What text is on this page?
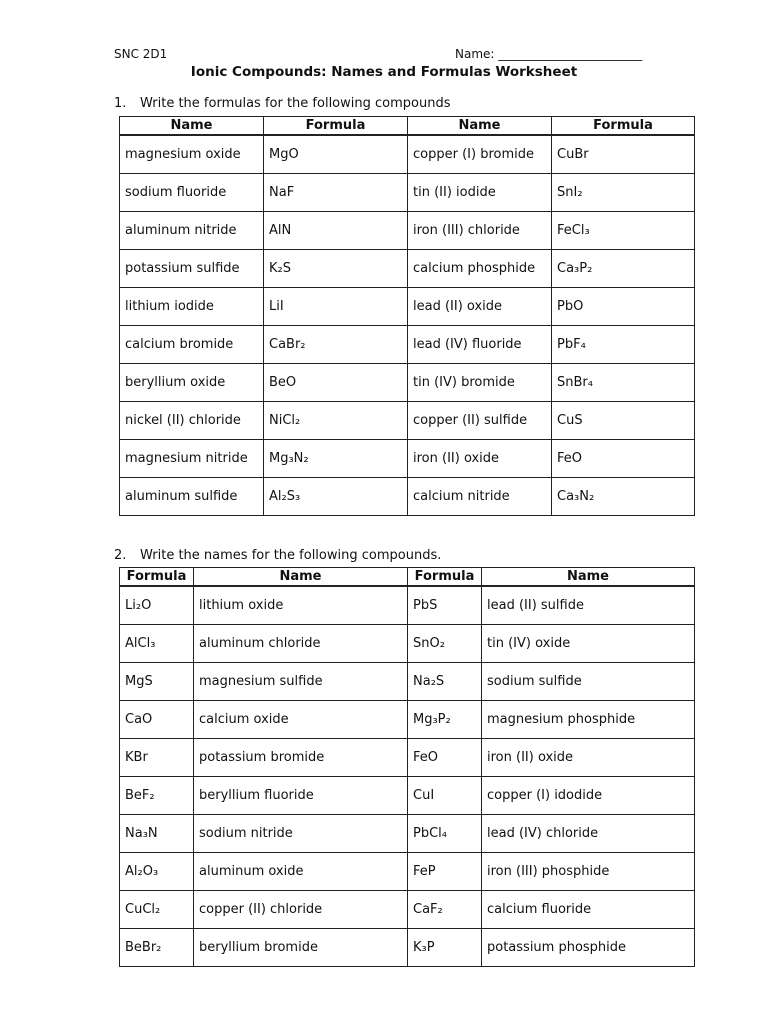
SNC 2D1	Name: ________________________
Ionic Compounds: Names and Formulas Worksheet
1. Write the formulas for the following compounds
Name	Formula	Name	Formula
magnesium oxide	MgO	copper (I) bromide	CuBr
sodium fluoride	NaF	tin (II) iodide	SnI₂
aluminum nitride	AlN	iron (III) chloride	FeCl₃
potassium sulfide	K₂S	calcium phosphide	Ca₃P₂
lithium iodide	LiI	lead (II) oxide	PbO
calcium bromide	CaBr₂	lead (IV) fluoride	PbF₄
beryllium oxide	BeO	tin (IV) bromide	SnBr₄
nickel (II) chloride	NiCl₂	copper (II) sulfide	CuS
magnesium nitride	Mg₃N₂	iron (II) oxide	FeO
aluminum sulfide	Al₂S₃	calcium nitride	Ca₃N₂
2. Write the names for the following compounds.
Formula	Name	Formula	Name
Li₂O	lithium oxide	PbS	lead (II) sulfide
AlCl₃	aluminum chloride	SnO₂	tin (IV) oxide
MgS	magnesium sulfide	Na₂S	sodium sulfide
CaO	calcium oxide	Mg₃P₂	magnesium phosphide
KBr	potassium bromide	FeO	iron (II) oxide
BeF₂	beryllium fluoride	CuI	copper (I) idodide
Na₃N	sodium nitride	PbCl₄	lead (IV) chloride
Al₂O₃	aluminum oxide	FeP	iron (III) phosphide
CuCl₂	copper (II) chloride	CaF₂	calcium fluoride
BeBr₂	beryllium bromide	K₃P	potassium phosphide
